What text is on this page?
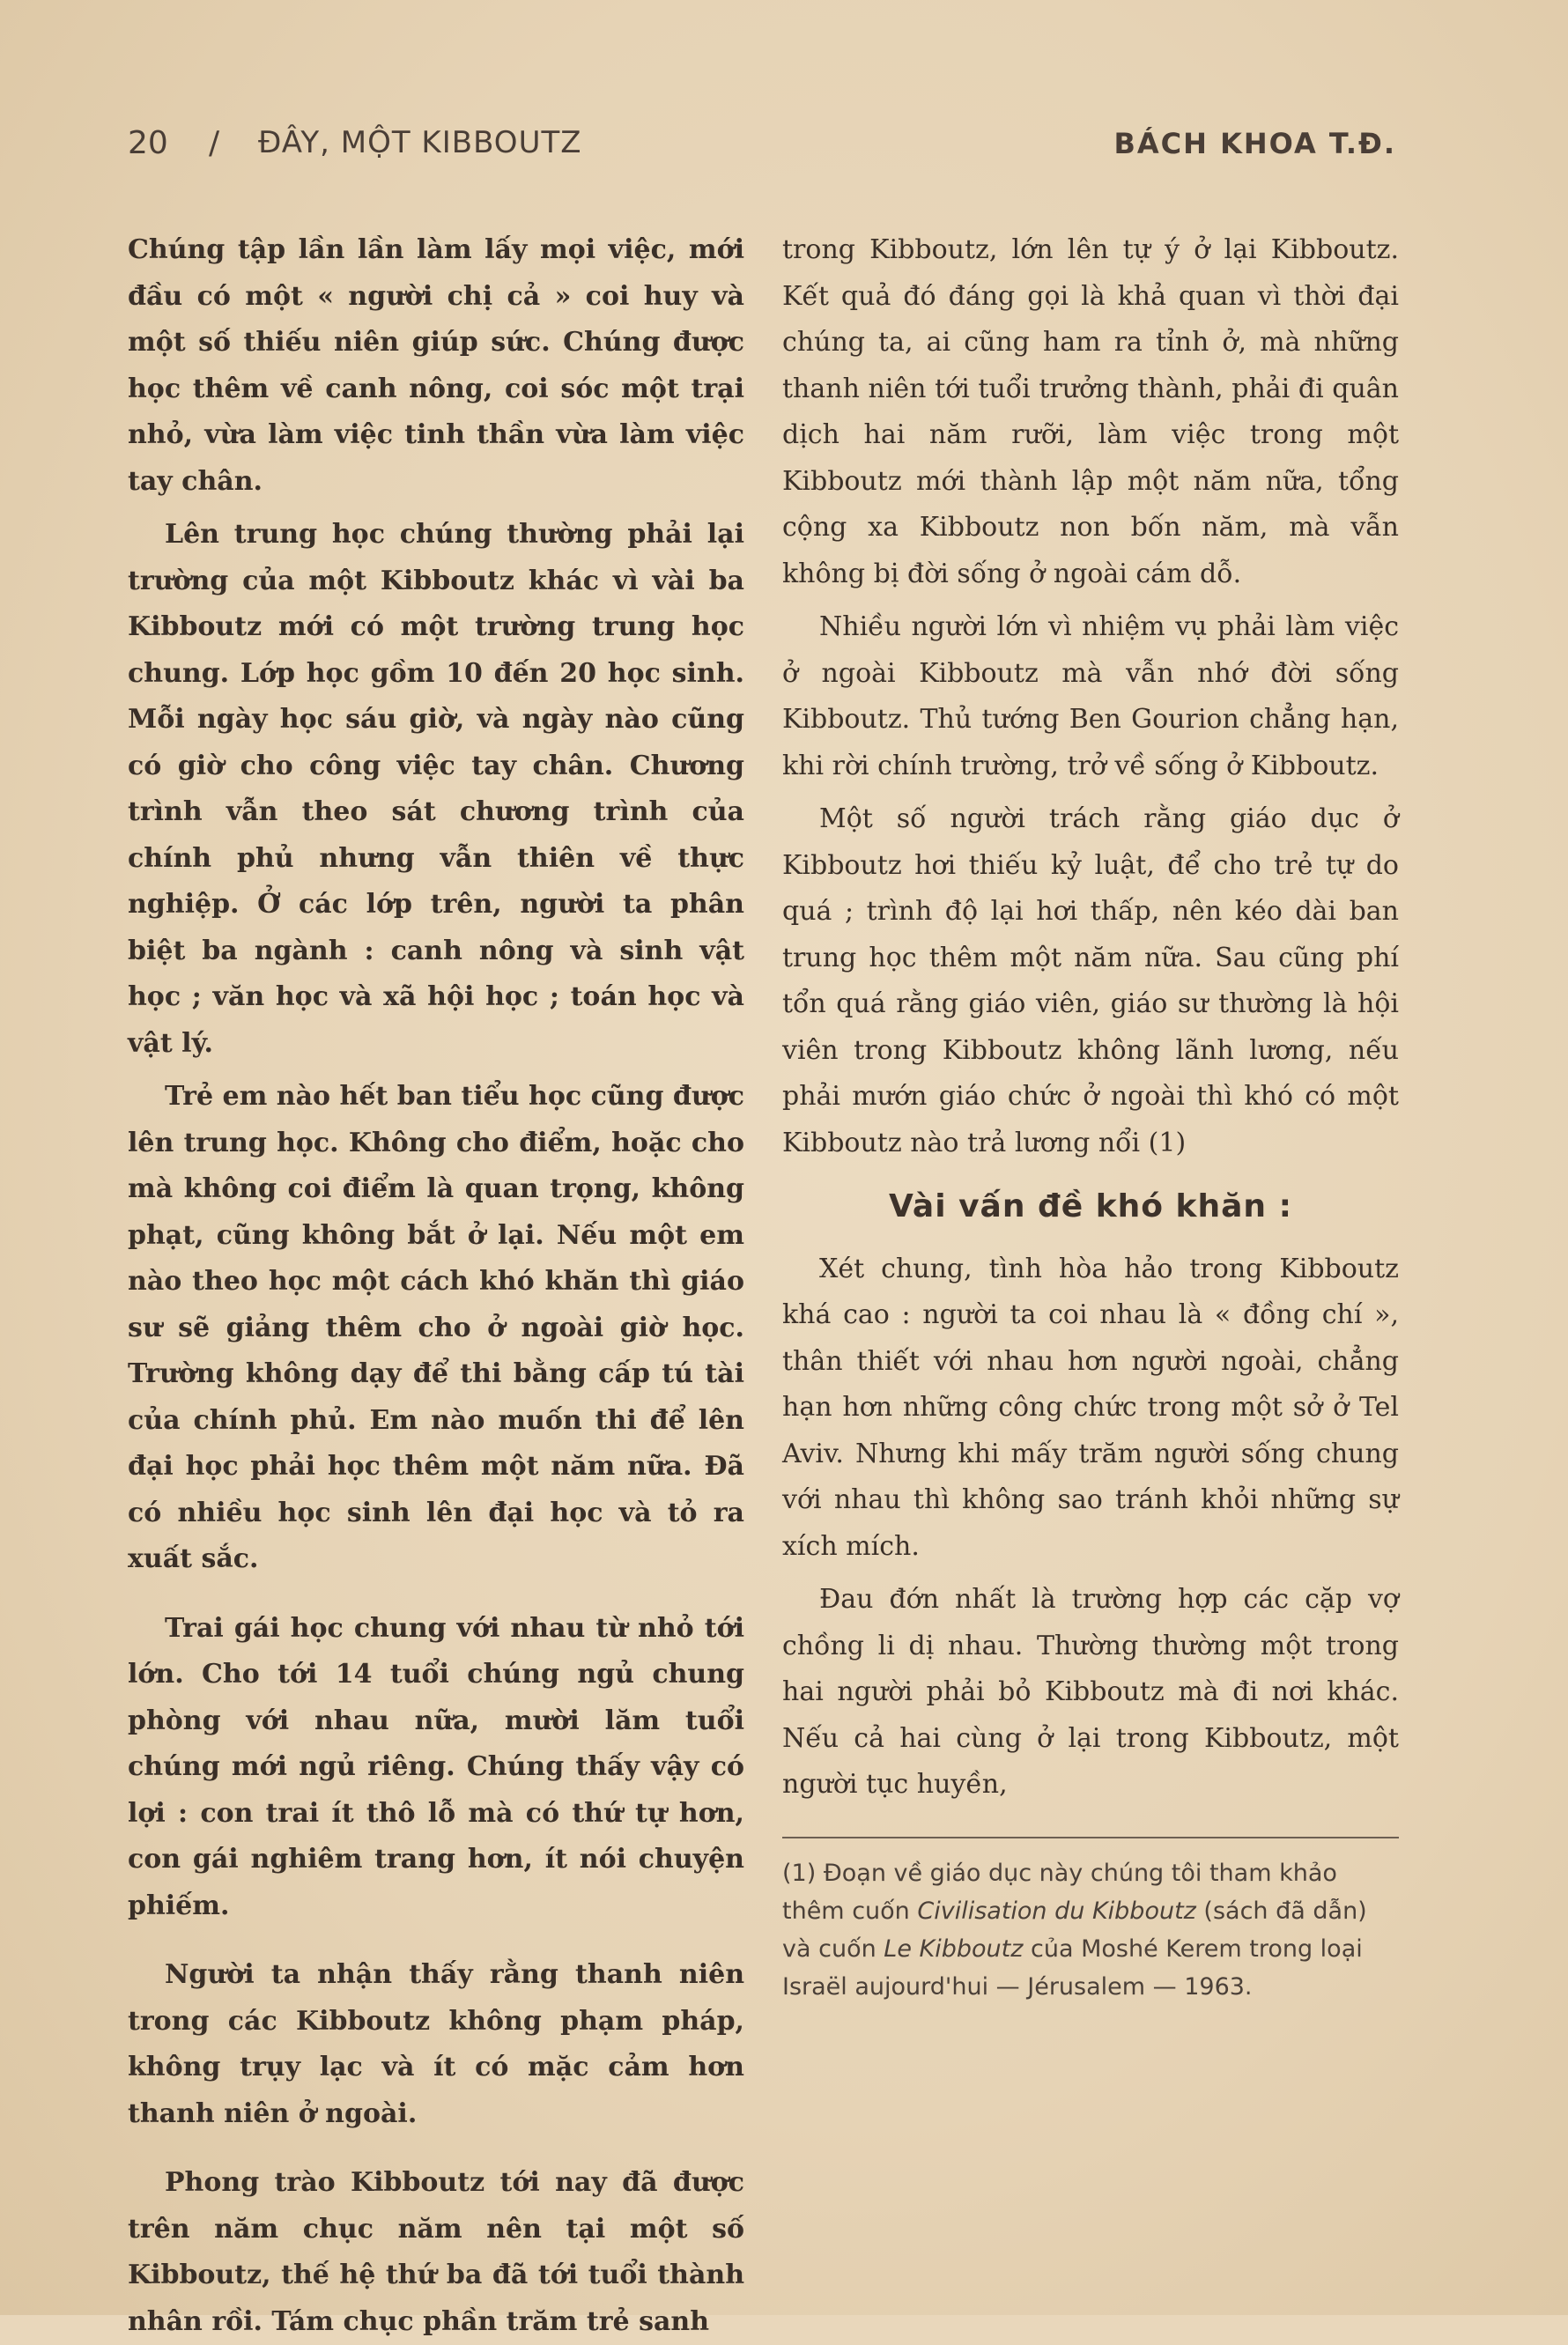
20 / ĐÂY, MỘT KIBBOUTZ	BÁCH KHOA T.Đ.

Chúng tập lần lần làm lấy mọi việc, mới đầu có một « người chị cả » coi huy và một số thiếu niên giúp sức. Chúng được học thêm về canh nông, coi sóc một trại nhỏ, vừa làm việc tinh thần vừa làm việc tay chân.

Lên trung học chúng thường phải lại trường của một Kibboutz khác vì vài ba Kibboutz mới có một trường trung học chung. Lớp học gồm 10 đến 20 học sinh. Mỗi ngày học sáu giờ, và ngày nào cũng có giờ cho công việc tay chân. Chương trình vẫn theo sát chương trình của chính phủ nhưng vẫn thiên về thực nghiệp. Ở các lớp trên, người ta phân biệt ba ngành : canh nông và sinh vật học ; văn học và xã hội học ; toán học và vật lý.

Trẻ em nào hết ban tiểu học cũng được lên trung học. Không cho điểm, hoặc cho mà không coi điểm là quan trọng, không phạt, cũng không bắt ở lại. Nếu một em nào theo học một cách khó khăn thì giáo sư sẽ giảng thêm cho ở ngoài giờ học. Trường không dạy để thi bằng cấp tú tài của chính phủ. Em nào muốn thi để lên đại học phải học thêm một năm nữa. Đã có nhiều học sinh lên đại học và tỏ ra xuất sắc.

Trai gái học chung với nhau từ nhỏ tới lớn. Cho tới 14 tuổi chúng ngủ chung phòng với nhau nữa, mười lăm tuổi chúng mới ngủ riêng. Chúng thấy vậy có lợi : con trai ít thô lỗ mà có thứ tự hơn, con gái nghiêm trang hơn, ít nói chuyện phiếm.

Người ta nhận thấy rằng thanh niên trong các Kibboutz không phạm pháp, không trụy lạc và ít có mặc cảm hơn thanh niên ở ngoài.

Phong trào Kibboutz tới nay đã được trên năm chục năm nên tại một số Kibboutz, thế hệ thứ ba đã tới tuổi thành nhân rồi. Tám chục phần trăm trẻ sanh

trong Kibboutz, lớn lên tự ý ở lại Kibboutz. Kết quả đó đáng gọi là khả quan vì thời đại chúng ta, ai cũng ham ra tỉnh ở, mà những thanh niên tới tuổi trưởng thành, phải đi quân dịch hai năm rưỡi, làm việc trong một Kibboutz mới thành lập một năm nữa, tổng cộng xa Kibboutz non bốn năm, mà vẫn không bị đời sống ở ngoài cám dỗ.

Nhiều người lớn vì nhiệm vụ phải làm việc ở ngoài Kibboutz mà vẫn nhớ đời sống Kibboutz. Thủ tướng Ben Gourion chẳng hạn, khi rời chính trường, trở về sống ở Kibboutz.

Một số người trách rằng giáo dục ở Kibboutz hơi thiếu kỷ luật, để cho trẻ tự do quá ; trình độ lại hơi thấp, nên kéo dài ban trung học thêm một năm nữa. Sau cũng phí tổn quá rằng giáo viên, giáo sư thường là hội viên trong Kibboutz không lãnh lương, nếu phải mướn giáo chức ở ngoài thì khó có một Kibboutz nào trả lương nổi (1)

Vài vấn đề khó khăn :

Xét chung, tình hòa hảo trong Kibboutz khá cao : người ta coi nhau là « đồng chí », thân thiết với nhau hơn người ngoài, chẳng hạn hơn những công chức trong một sở ở Tel Aviv. Nhưng khi mấy trăm người sống chung với nhau thì không sao tránh khỏi những sự xích mích.

Đau đớn nhất là trường hợp các cặp vợ chồng li dị nhau. Thường thường một trong hai người phải bỏ Kibboutz mà đi nơi khác. Nếu cả hai cùng ở lại trong Kibboutz, một người tục huyền,

(1) Đoạn về giáo dục này chúng tôi tham khảo thêm cuốn Civilisation du Kibboutz (sách đã dẫn) và cuốn Le Kibboutz của Moshé Kerem trong loại Israël aujourd'hui — Jérusalem — 1963.
